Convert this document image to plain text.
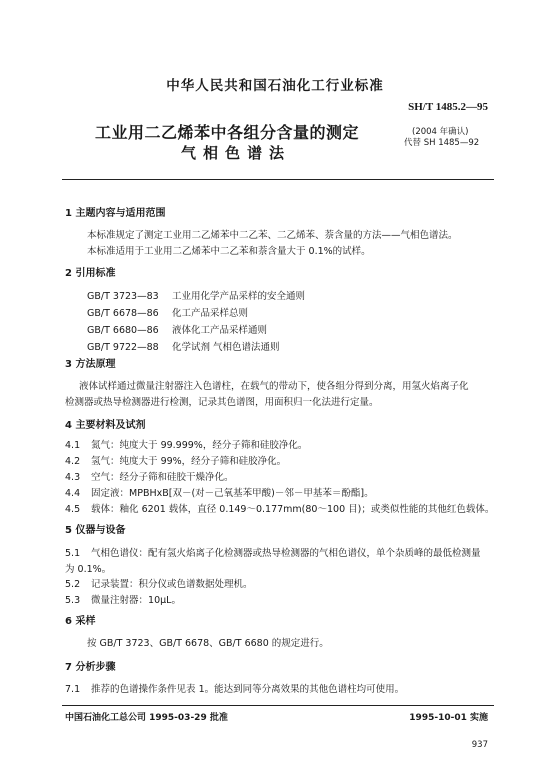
中华人民共和国石油化工行业标准
SH/T 1485.2—95
工业用二乙烯苯中各组分含量的测定	(2004 年确认)
代替 SH 1485—92
气相色谱法
1 主题内容与适用范围
本标准规定了测定工业用二乙烯苯中二乙苯、二乙烯苯、萘含量的方法——气相色谱法。
本标准适用于工业用二乙烯苯中二乙苯和萘含量大于 0.1%的试样。
2 引用标准
GB/T 3723—83 工业用化学产品采样的安全通则
GB/T 6678—86 化工产品采样总则
GB/T 6680—86 液体化工产品采样通则
GB/T 9722—88 化学试剂 气相色谱法通则
3 方法原理
液体试样通过微量注射器注入色谱柱，在载气的带动下，使各组分得到分离，用氢火焰离子化
检测器或热导检测器进行检测，记录其色谱图，用面积归一化法进行定量。
4 主要材料及试剂
4.1 氮气：纯度大于 99.999%，经分子筛和硅胶净化。
4.2 氢气：纯度大于 99%，经分子筛和硅胶净化。
4.3 空气：经分子筛和硅胶干燥净化。
4.4 固定液：MPBHxB[双－(对－己氧基苯甲酸)－邻－甲基苯＝酚酯]。
4.5 载体：釉化 6201 载体，直径 0.149～0.177mm(80～100 目)；或类似性能的其他红色载体。
5 仪器与设备
5.1 气相色谱仪：配有氢火焰离子化检测器或热导检测器的气相色谱仪，单个杂质峰的最低检测量
为 0.1%。
5.2 记录装置：积分仪或色谱数据处理机。
5.3 微量注射器：10μL。
6 采样
按 GB/T 3723、GB/T 6678、GB/T 6680 的规定进行。
7 分析步骤
7.1 推荐的色谱操作条件见表 1。能达到同等分离效果的其他色谱柱均可使用。
中国石油化工总公司 1995-03-29 批准	1995-10-01 实施
937
